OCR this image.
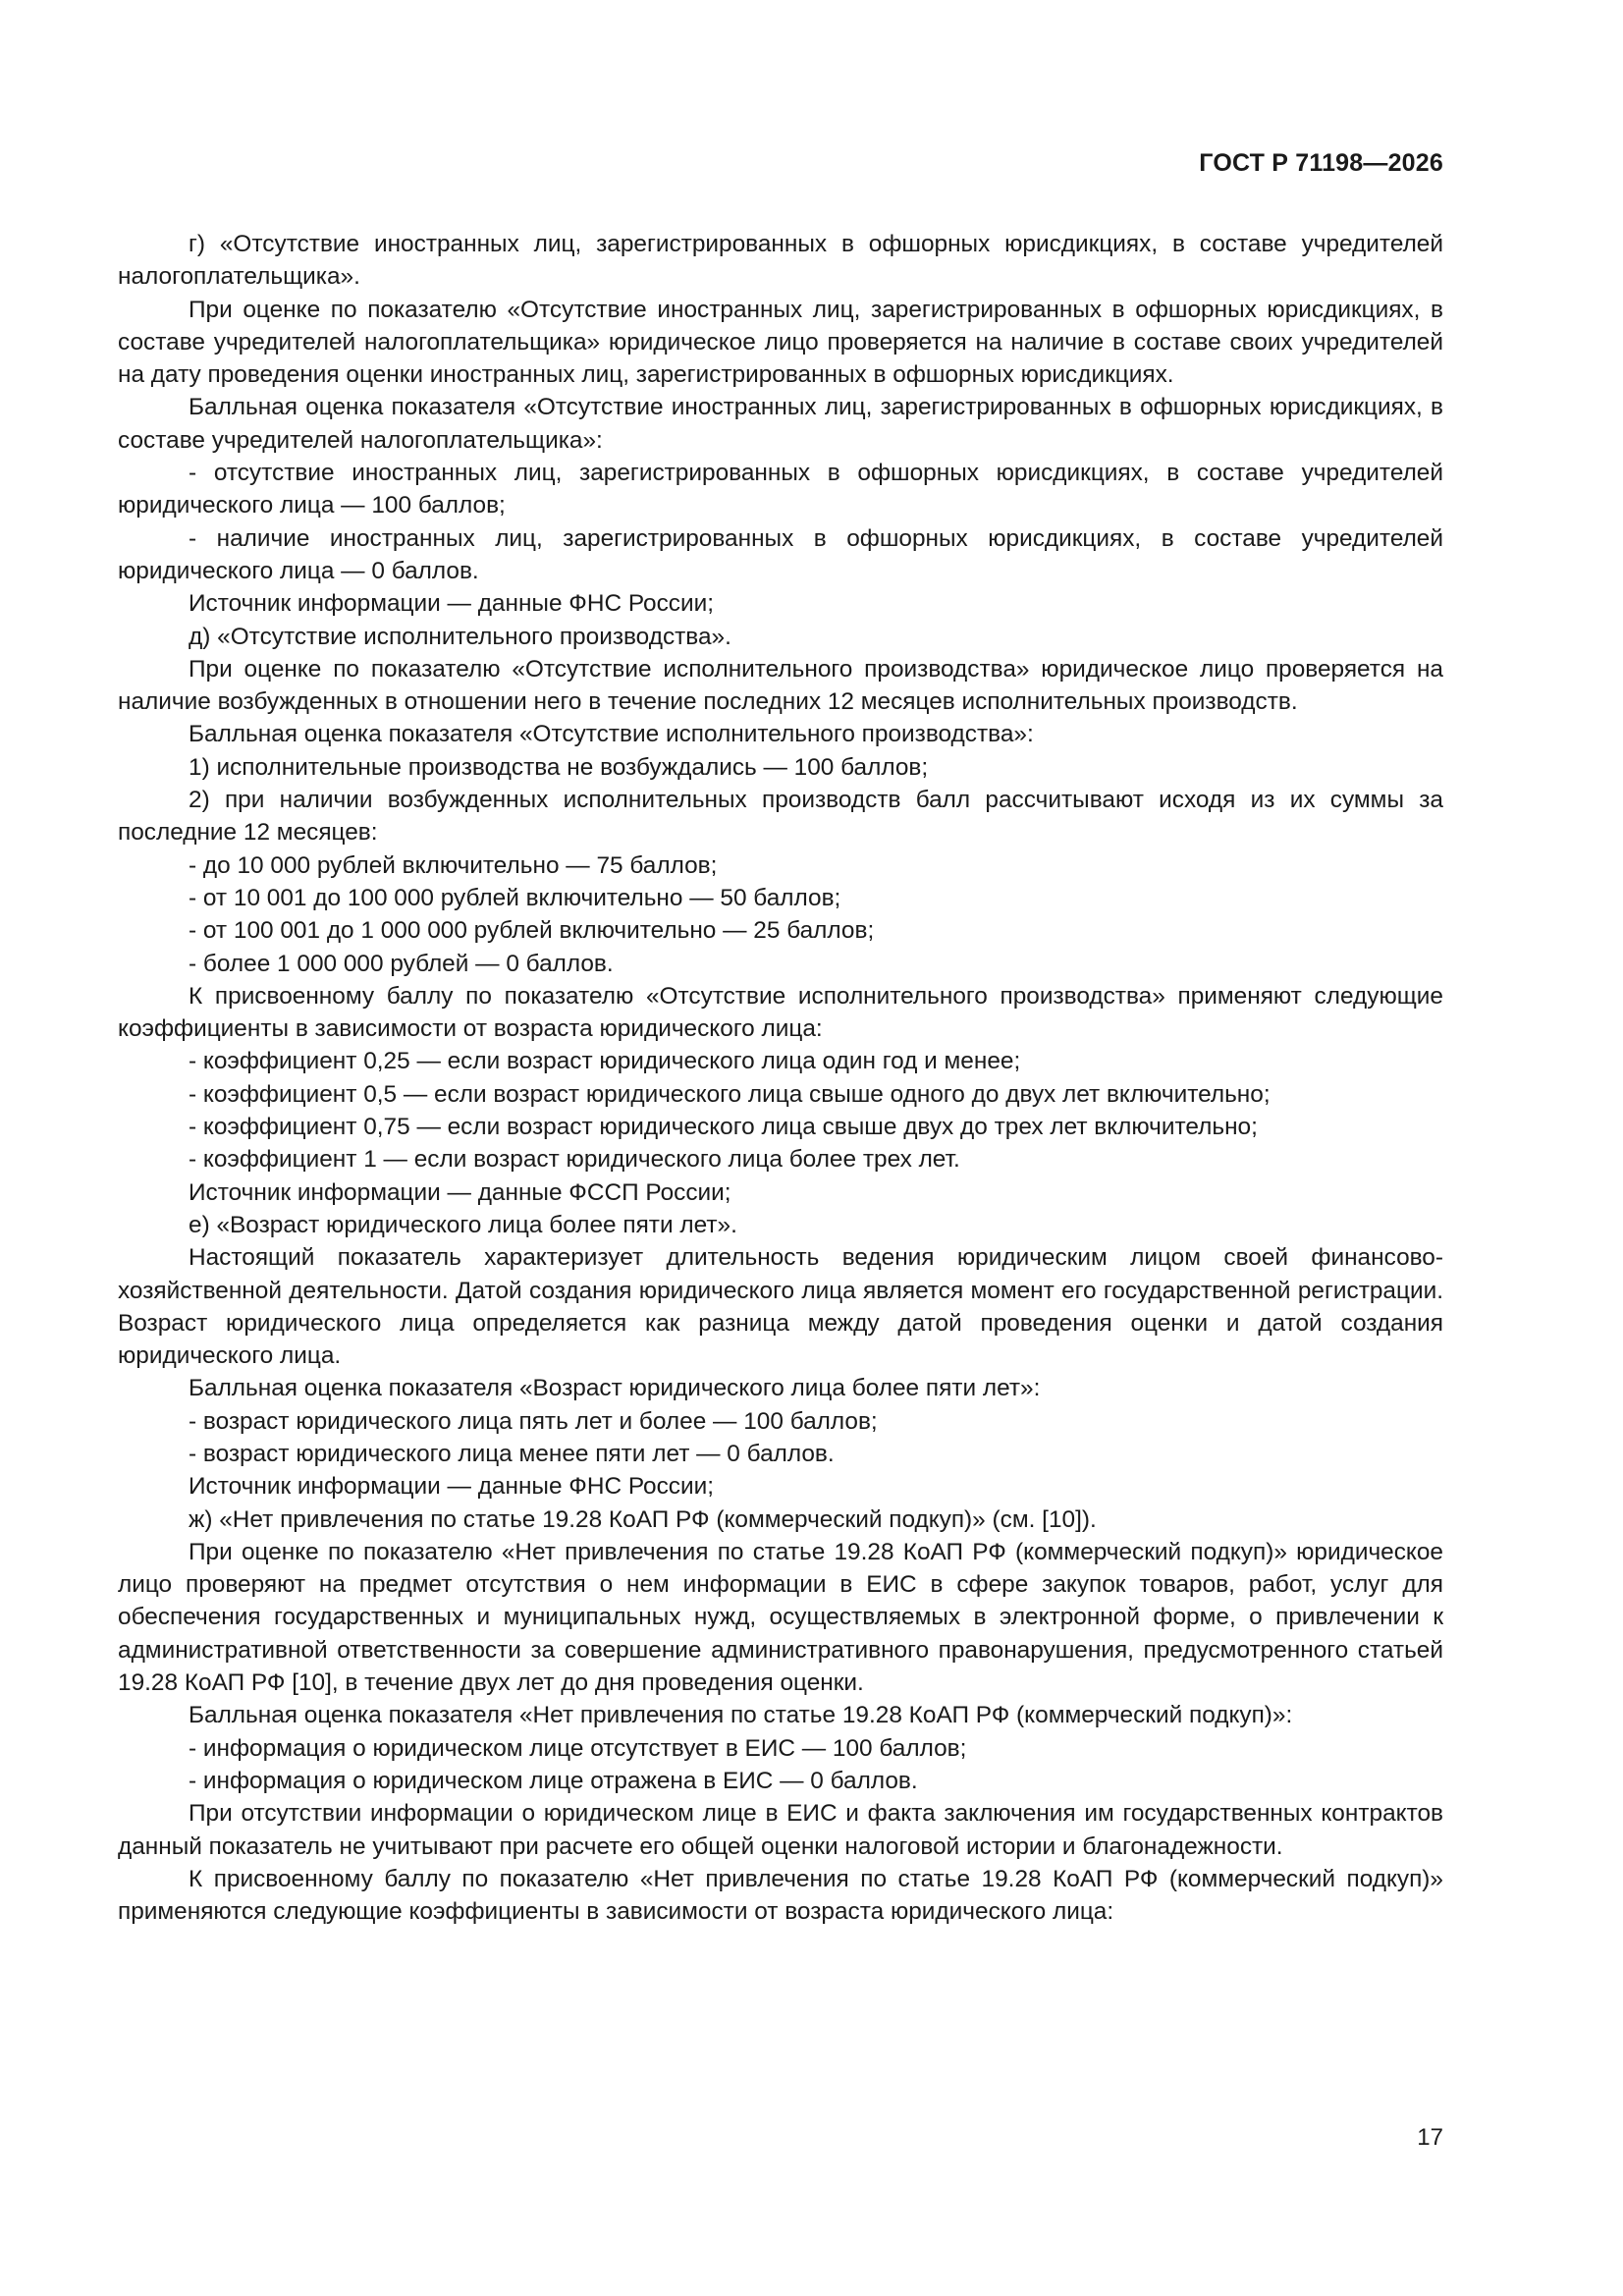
ГОСТ Р 71198—2026

г) «Отсутствие иностранных лиц, зарегистрированных в офшорных юрисдикциях, в составе учредителей налогоплательщика».

При оценке по показателю «Отсутствие иностранных лиц, зарегистрированных в офшорных юрисдикциях, в составе учредителей налогоплательщика» юридическое лицо проверяется на наличие в составе своих учредителей на дату проведения оценки иностранных лиц, зарегистрированных в офшорных юрисдикциях.

Балльная оценка показателя «Отсутствие иностранных лиц, зарегистрированных в офшорных юрисдикциях, в составе учредителей налогоплательщика»:

- отсутствие иностранных лиц, зарегистрированных в офшорных юрисдикциях, в составе учредителей юридического лица — 100 баллов;

- наличие иностранных лиц, зарегистрированных в офшорных юрисдикциях, в составе учредителей юридического лица — 0 баллов.

Источник информации — данные ФНС России;

д) «Отсутствие исполнительного производства».

При оценке по показателю «Отсутствие исполнительного производства» юридическое лицо проверяется на наличие возбужденных в отношении него в течение последних 12 месяцев исполнительных производств.

Балльная оценка показателя «Отсутствие исполнительного производства»:

1) исполнительные производства не возбуждались — 100 баллов;

2) при наличии возбужденных исполнительных производств балл рассчитывают исходя из их суммы за последние 12 месяцев:

- до 10 000 рублей включительно — 75 баллов;

- от 10 001 до 100 000 рублей включительно — 50 баллов;

- от 100 001 до 1 000 000 рублей включительно — 25 баллов;

- более 1 000 000 рублей — 0 баллов.

К присвоенному баллу по показателю «Отсутствие исполнительного производства» применяют следующие коэффициенты в зависимости от возраста юридического лица:

- коэффициент 0,25 — если возраст юридического лица один год и менее;

- коэффициент 0,5 — если возраст юридического лица свыше одного до двух лет включительно;

- коэффициент 0,75 — если возраст юридического лица свыше двух до трех лет включительно;

- коэффициент 1 — если возраст юридического лица более трех лет.

Источник информации — данные ФССП России;

е) «Возраст юридического лица более пяти лет».

Настоящий показатель характеризует длительность ведения юридическим лицом своей финансово-хозяйственной деятельности. Датой создания юридического лица является момент его государственной регистрации. Возраст юридического лица определяется как разница между датой проведения оценки и датой создания юридического лица.

Балльная оценка показателя «Возраст юридического лица более пяти лет»:

- возраст юридического лица пять лет и более — 100 баллов;

- возраст юридического лица менее пяти лет — 0 баллов.

Источник информации — данные ФНС России;

ж) «Нет привлечения по статье 19.28 КоАП РФ (коммерческий подкуп)» (см. [10]).

При оценке по показателю «Нет привлечения по статье 19.28 КоАП РФ (коммерческий подкуп)» юридическое лицо проверяют на предмет отсутствия о нем информации в ЕИС в сфере закупок товаров, работ, услуг для обеспечения государственных и муниципальных нужд, осуществляемых в электронной форме, о привлечении к административной ответственности за совершение административного правонарушения, предусмотренного статьей 19.28 КоАП РФ [10], в течение двух лет до дня проведения оценки.

Балльная оценка показателя «Нет привлечения по статье 19.28 КоАП РФ (коммерческий подкуп)»:

- информация о юридическом лице отсутствует в ЕИС — 100 баллов;

- информация о юридическом лице отражена в ЕИС — 0 баллов.

При отсутствии информации о юридическом лице в ЕИС и факта заключения им государственных контрактов данный показатель не учитывают при расчете его общей оценки налоговой истории и благонадежности.

К присвоенному баллу по показателю «Нет привлечения по статье 19.28 КоАП РФ (коммерческий подкуп)» применяются следующие коэффициенты в зависимости от возраста юридического лица:

17
